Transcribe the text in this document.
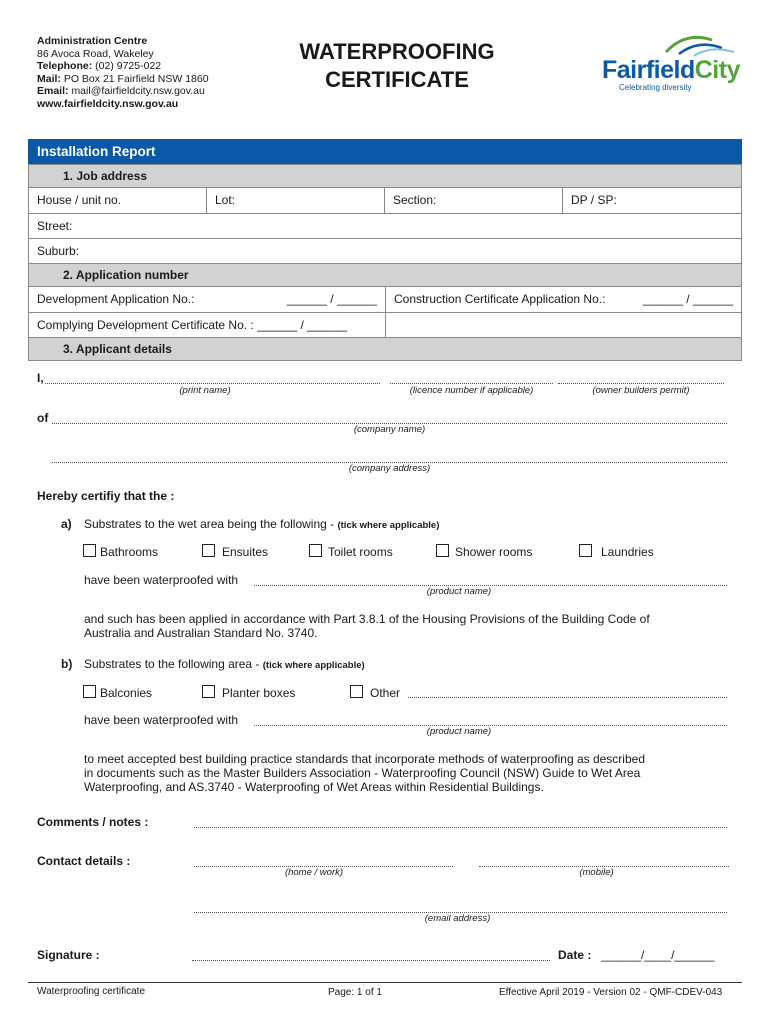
Administration Centre
86 Avoca Road, Wakeley
Telephone: (02) 9725-022
Mail: PO Box 21 Fairfield NSW 1860
Email: mail@fairfieldcity.nsw.gov.au
www.fairfieldcity.nsw.gov.au
WATERPROOFING
CERTIFICATE	FairfieldCity
Celebrating diversity
Installation Report
1. Job address
House / unit no.	Lot:	Section:	DP / SP:
Street:
Suburb:
2. Application number
Development Application No.:	______ / ______ Construction Certificate Application No.:	______ / ______
Complying Development Certificate No. : ______ / ______
3. Applicant details
I,
(print name)	(licence number if applicable)	(owner builders permit)
of
(company name)
(company address)
Hereby certifiy that the :
a) Substrates to the wet area being the following - (tick where applicable)
Bathrooms	Ensuites	Toilet rooms	Shower rooms	Laundries
have been waterproofed with
(product name)
and such has been applied in accordance with Part 3.8.1 of the Housing Provisions of the Building Code of
Australia and Australian Standard No. 3740.
b) Substrates to the following area - (tick where applicable)
Balconies	Planter boxes	Other
have been waterproofed with
(product name)
to meet accepted best building practice standards that incorporate methods of waterproofing as described
in documents such as the Master Builders Association - Waterproofing Council (NSW) Guide to Wet Area
Waterproofing, and AS.3740 - Waterproofing of Wet Areas within Residential Buildings.
Comments / notes :
Contact details :
(home / work)	(mobile)
(email address)
Signature :	Date : ______/____/______
Waterproofing certificate	Page: 1 of 1	Effective April 2019 - Version 02 - QMF-CDEV-043
